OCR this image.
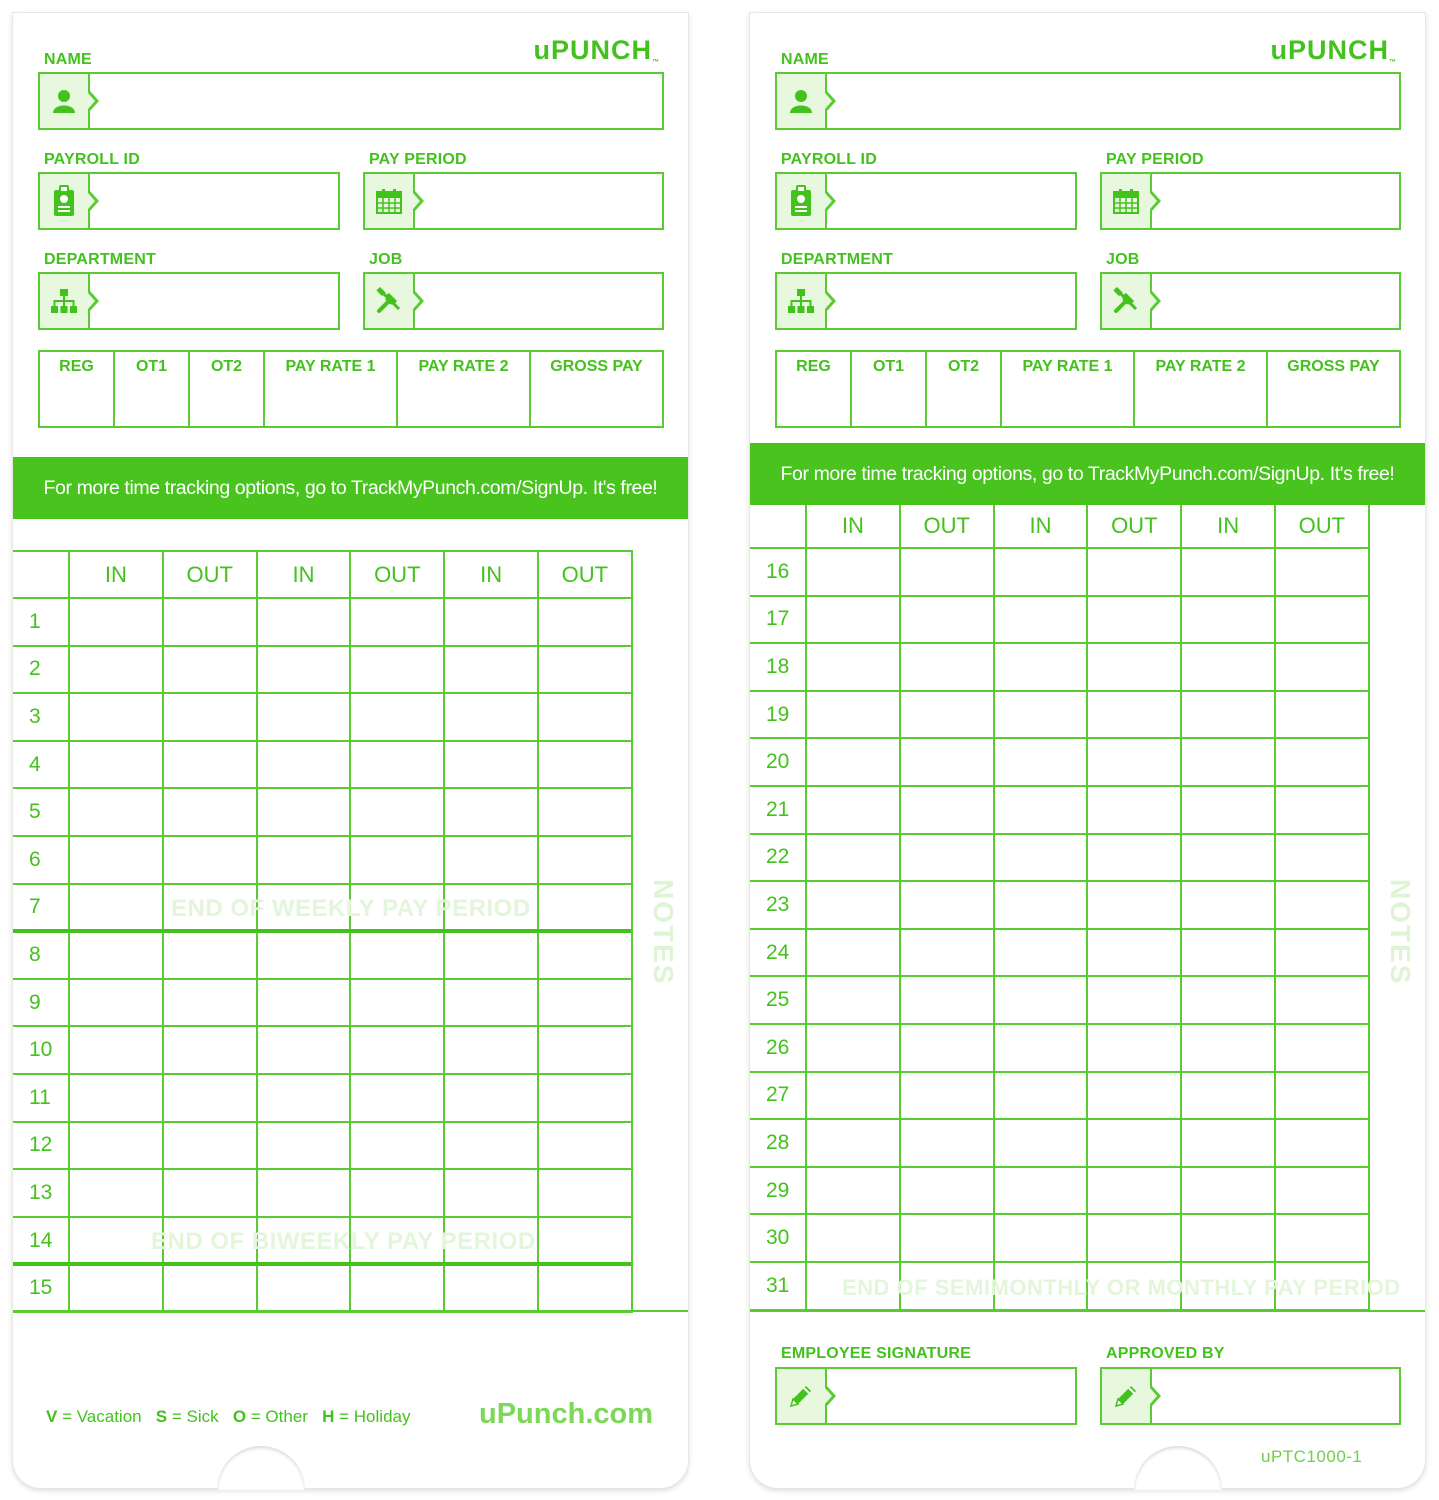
uPUNCH™
NAME
PAYROLL ID	PAY PERIOD
DEPARTMENT	JOB
REG	OT1	OT2	PAY RATE 1	PAY RATE 2	GROSS PAY
For more time tracking options, go to TrackMyPunch.com/SignUp. It's free!
IN	OUT	IN	OUT	IN	OUT
1
2
3
4
5
6
7
8
9
10
11
12
13
14
15
END OF WEEKLY PAY PERIOD
END OF BIWEEKLY PAY PERIOD
NOTES
V = Vacation S = Sick O = Other H = Holiday uPunch.com
uPUNCH™
NAME
PAYROLL ID	PAY PERIOD
DEPARTMENT	JOB
REG	OT1	OT2	PAY RATE 1	PAY RATE 2	GROSS PAY
For more time tracking options, go to TrackMyPunch.com/SignUp. It's free!
IN	OUT	IN	OUT	IN	OUT
16
17
18
19
20
21
22
23
24
25
26
27
28
29
30
31 END OF SEMIMONTHLY OR MONTHLY PAY PERIOD
NOTES
EMPLOYEE SIGNATURE	APPROVED BY
uPTC1000-1
